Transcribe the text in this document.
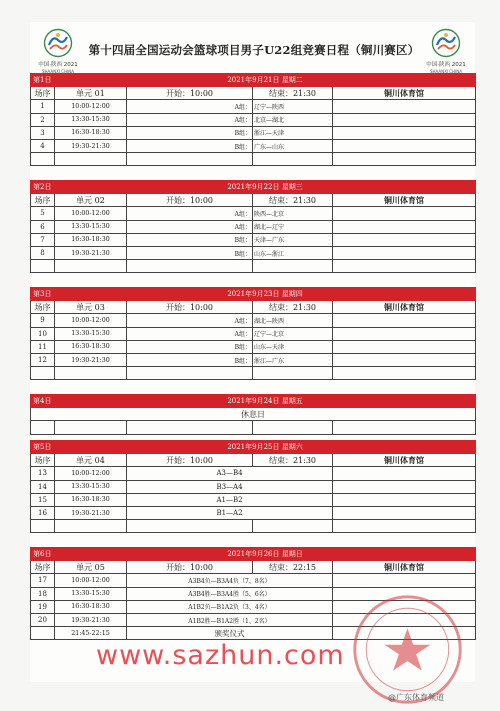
中国·陕西 2021
SHAANXI CHINA
第十四届全国运动会篮球项目男子U22组竞赛日程（铜川赛区）
中国·陕西 2021
SHAANXI CHINA
第1日	2021年9月21日 星期二			
场序	单元 01	开始：10:00	结束：21:30	铜川体育馆
1	10:00-12:00	A组：	辽宁—陕西	
2	13:30-15:30	A组：	北京—湖北	
3	16:30-18:30	B组：	浙江—天津	
4	19:30-21:30	B组：	广东—山东	

第2日	2021年9月22日 星期三			
场序	单元 02	开始：10:00	结束：21:30	铜川体育馆
5	10:00-12:00	A组：	陕西—北京	
6	13:30-15:30	A组：	湖北—辽宁	
7	16:30-18:30	B组：	天津—广东	
8	19:30-21:30	B组：	山东—浙江	

第3日	2021年9月23日 星期四			
场序	单元 03	开始：10:00	结束：21:30	铜川体育馆
9	10:00-12:00	A组：	湖北—陕西	
10	13:30-15:30	A组：	辽宁—北京	
11	16:30-18:30	B组：	山东—天津	
12	19:30-21:30	B组：	浙江—广东	

第4日	2021年9月24日 星期五			
休息日				

第5日	2021年9月25日 星期六			
场序	单元 04	开始：10:00	结束：21:30	铜川体育馆
13	10:00-12:00	A3—B4		
14	13:30-15:30	B3—A4		
15	16:30-18:30	A1—B2		
16	19:30-21:30	B1—A2		

第6日	2021年9月26日 星期日			
场序	单元 05	开始：10:00	结束：22:15	铜川体育馆
17	10:00-12:00	A3B4负—B3A4负（7、8名）		
18	13:30-15:30	A3B4胜—B3A4胜（5、6名）		
19	16:30-18:30	A1B2负—B1A2负（3、4名）		
20	19:30-21:30	A1B2胜—B1A2胜（1、2名）		
	21:45-22:15	颁奖仪式		
www.sazhun.com
@广东体育频道
